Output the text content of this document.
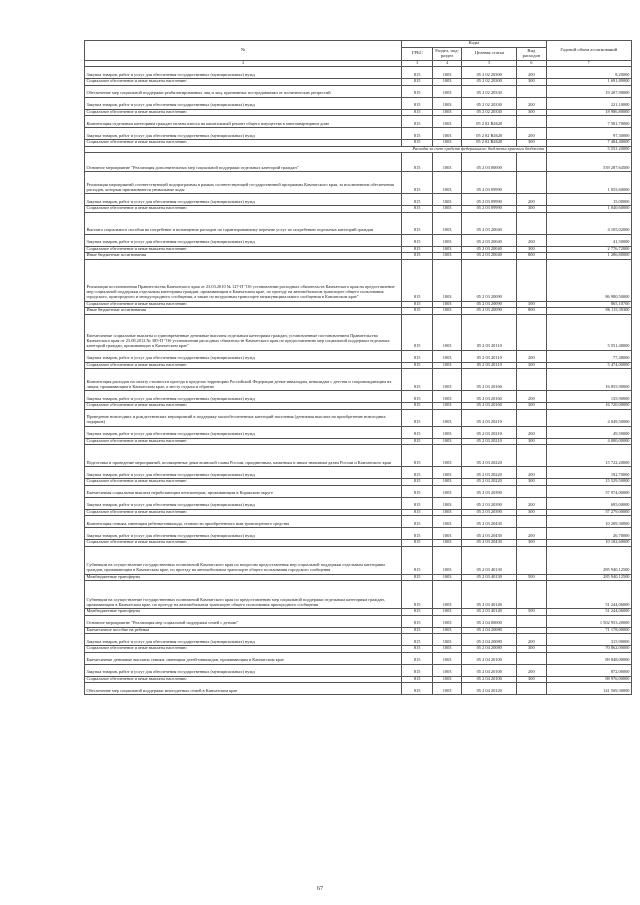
№	Коды				Годовой объем ассигнований
	ГРБС	Раздел, под-раздел	Целевая статья	Вид расходов	
2	3	4	5	6	7
Закупка товаров, работ и услуг для обеспечения государственных (муниципальных) нужд	815	1003	05 2 02 20300	200	8,20000
Социальное обеспечение и иные выплаты населению	815	1003	05 2 02 20300	300	1 691,80000
Обеспечение мер социальной поддержки реабилитированных лиц и лиц, признанных пострадавшими от политических репрессий	815	1003	05 2 02 20330		19 207,90000
Закупка товаров, работ и услуг для обеспечения государственных (муниципальных) нужд	815	1003	05 2 02 20330	200	221,10000
Социальное обеспечение и иные выплаты населению	815	1003	05 2 02 20330	300	18 986,80000
Компенсация отдельным категориям граждан оплаты взноса на капитальный ремонт общего имущества в многоквартирном доме	815	1003	05 2 02 R4620		7 581,70000
Закупка товаров, работ и услуг для обеспечения государственных (муниципальных) нужд	815	1003	05 2 02 R4620	200	97,30000
Социальное обеспечение и иные выплаты населению	815	1003	05 2 02 R4620	300	7 484,40000
Расходы за счет средств федерального бюджета краевого бюджета					5 553 20000
Основное мероприятие "Реализация дополнительных мер социальной поддержки отдельных категорий граждан"	815	1003	05 2 03 00000		539 287,64500
Реализация мероприятий соответствующей подпрограммы в рамках соответствующей государственной программы Камчатского края, за исключением обеспечения расходов, которым присваиваются уникальные коды	815	1003	05 2 03 09990		1 055,60000
Закупка товаров, работ и услуг для обеспечения государственных (муниципальных) нужд	815	1003	05 2 03 09990	200	15,00000
Социальное обеспечение и иные выплаты населению	815	1003	05 2 03 09990	300	1 040,60000
Выплата социального пособия на погребение и возмещение расходов по гарантированному перечню услуг по погребению отдельных категорий граждан	815	1003	05 2 03 20040		4 105,02000
Закупка товаров, работ и услуг для обеспечения государственных (муниципальных) нужд	815	1003	05 2 03 20040	200	41,50000
Социальное обеспечение и иные выплаты населению	815	1003	05 2 03 20040	300	2 776,72000
Иные бюджетные ассигнования	815	1003	05 2 03 20040	800	1 286,80000
Реализация постановления Правительства Камчатского края от 23.03.2010 № 127-П "Об установлении расходных обязательств Камчатского края на предоставление мер социальной поддержки отдельным категориям граждан, проживающим в Камчатском крае, по проезду на автомобильном транспорте общего пользования городского, пригородного и междугородного сообщения, а также по воздушным транспорте межмуниципального сообщения в Камчатском крае"	815	1003	05 2 03 20090		86 980,50000
Социальное обеспечение и иные выплаты населению	815	1003	05 2 03 20090	300	865,10700
Иные бюджетные ассигнования	815	1003	05 2 03 20090	800	86 115,39300
Ежемесячные социальные выплаты и единовременные денежные выплаты отдельным категориям граждан, установленные постановлением Правительства Камчатского края от 23.08.2012 № 385-П "Об установлении расходных обязательств Камчатского края по предоставлению мер социальной поддержки отдельных категорий граждан, проживающих в Камчатском крае"	815	1003	05 2 03 20110		5 551,48000
Закупка товаров, работ и услуг для обеспечения государственных (муниципальных) нужд	815	1003	05 2 03 20110	200	77,48000
Социальное обеспечение и иные выплаты населению	815	1003	05 2 03 20110	300	5 474,00000
Компенсация расходов на оплату стоимости проезда в пределах территории Российской Федерации детям-инвалидам, инвалидам с детства и сопровождающим их лицам, проживающим в Камчатском крае, к месту отдыха и обратно	815	1003	05 2 03 20160		16 855,90000
Закупка товаров, работ и услуг для обеспечения государственных (муниципальных) нужд	815	1003	05 2 03 20160	200	135,90000
Социальное обеспечение и иные выплаты населению	815	1003	05 2 03 20160	300	16 720,00000
Проведение новогодних и рождественских мероприятий в поддержку малообеспеченных категорий населения (денежная выплата на приобретение новогодних подарков)	815	1003	05 2 03 20210		4 049,50000
Закупка товаров, работ и услуг для обеспечения государственных (муниципальных) нужд	815	1003	05 2 03 20210	200	49,50000
Социальное обеспечение и иные выплаты населению	815	1003	05 2 03 20210	300	4 000,00000
Подготовка и проведение мероприятий, посвященных дням воинской славы России, праздничным, памятным и иным значимым датам России и Камчатского края	815	1003	05 2 03 20220		15 722,20000
Закупка товаров, работ и услуг для обеспечения государственных (муниципальных) нужд	815	1003	05 2 03 20220	200	192,70000
Социальное обеспечение и иные выплаты населению	815	1003	05 2 03 20220	300	15 529,50000
Ежемесячная социальная выплата неработающим пенсионерам, проживающим в Корякском округе	815	1003	05 2 03 20390		57 974,00000
Закупка товаров, работ и услуг для обеспечения государственных (муниципальных) нужд	815	1003	05 2 03 20390	200	695,00000
Социальное обеспечение и иные выплаты населению	815	1003	05 2 03 20390	300	57 279,00000
Компенсация семьям, имеющим ребенка-инвалида, стоимости приобретенного ими транспортного средства	815	1003	05 2 03 20430		10 209,30000
Закупка товаров, работ и услуг для обеспечения государственных (муниципальных) нужд	815	1003	05 2 03 20430	200	26,70000
Социальное обеспечение и иные выплаты населению	815	1003	05 2 03 20430	300	10 182,60000
Субвенции на осуществление государственных полномочий Камчатского края по вопросам предоставления мер социальной поддержки отдельным категориям граждан, проживающим в Камчатском крае, по проезду на автомобильном транспорте общего пользования городского сообщения	815	1003	05 2 03 40130		285 940,12500
Межбюджетные трансферты	815	1003	05 2 03 40130	500	285 940,12500
Субвенции на осуществление государственных полномочий Камчатского края по предоставлению мер социальной поддержки отдельным категориям граждан, проживающим в Камчатском крае, по проезду на автомобильном транспорте общего пользования пригородного сообщения	815	1003	05 2 03 40140		51 244,06000
Межбюджетные трансферты	815	1003	05 2 03 40140	500	51 244,06000
Основное мероприятие "Реализация мер социальной поддержки семей с детьми"	815	1003	05 2 04 00000		1 502 953,20000
Ежемесячное пособие на ребенка	815	1003	05 2 04 20080		71 178,00000
Закупка товаров, работ и услуг для обеспечения государственных (муниципальных) нужд	815	1003	05 2 04 20080	200	315,90000
Социальное обеспечение и иные выплаты населению	815	1003	05 2 04 20080	300	70 862,00000
Ежемесячные денежные выплаты семьям, имеющим детей-инвалидов, проживающим в Камчатском крае	815	1003	05 2 04 20100		89 848,00000
Закупка товаров, работ и услуг для обеспечения государственных (муниципальных) нужд	815	1003	05 2 04 20100	200	872,00000
Социальное обеспечение и иные выплаты населению	815	1003	05 2 04 20100	300	88 976,00000
Обеспечение мер социальной поддержки многодетных семей в Камчатском крае	815	1003	05 2 04 20120		141 569,30000
67
